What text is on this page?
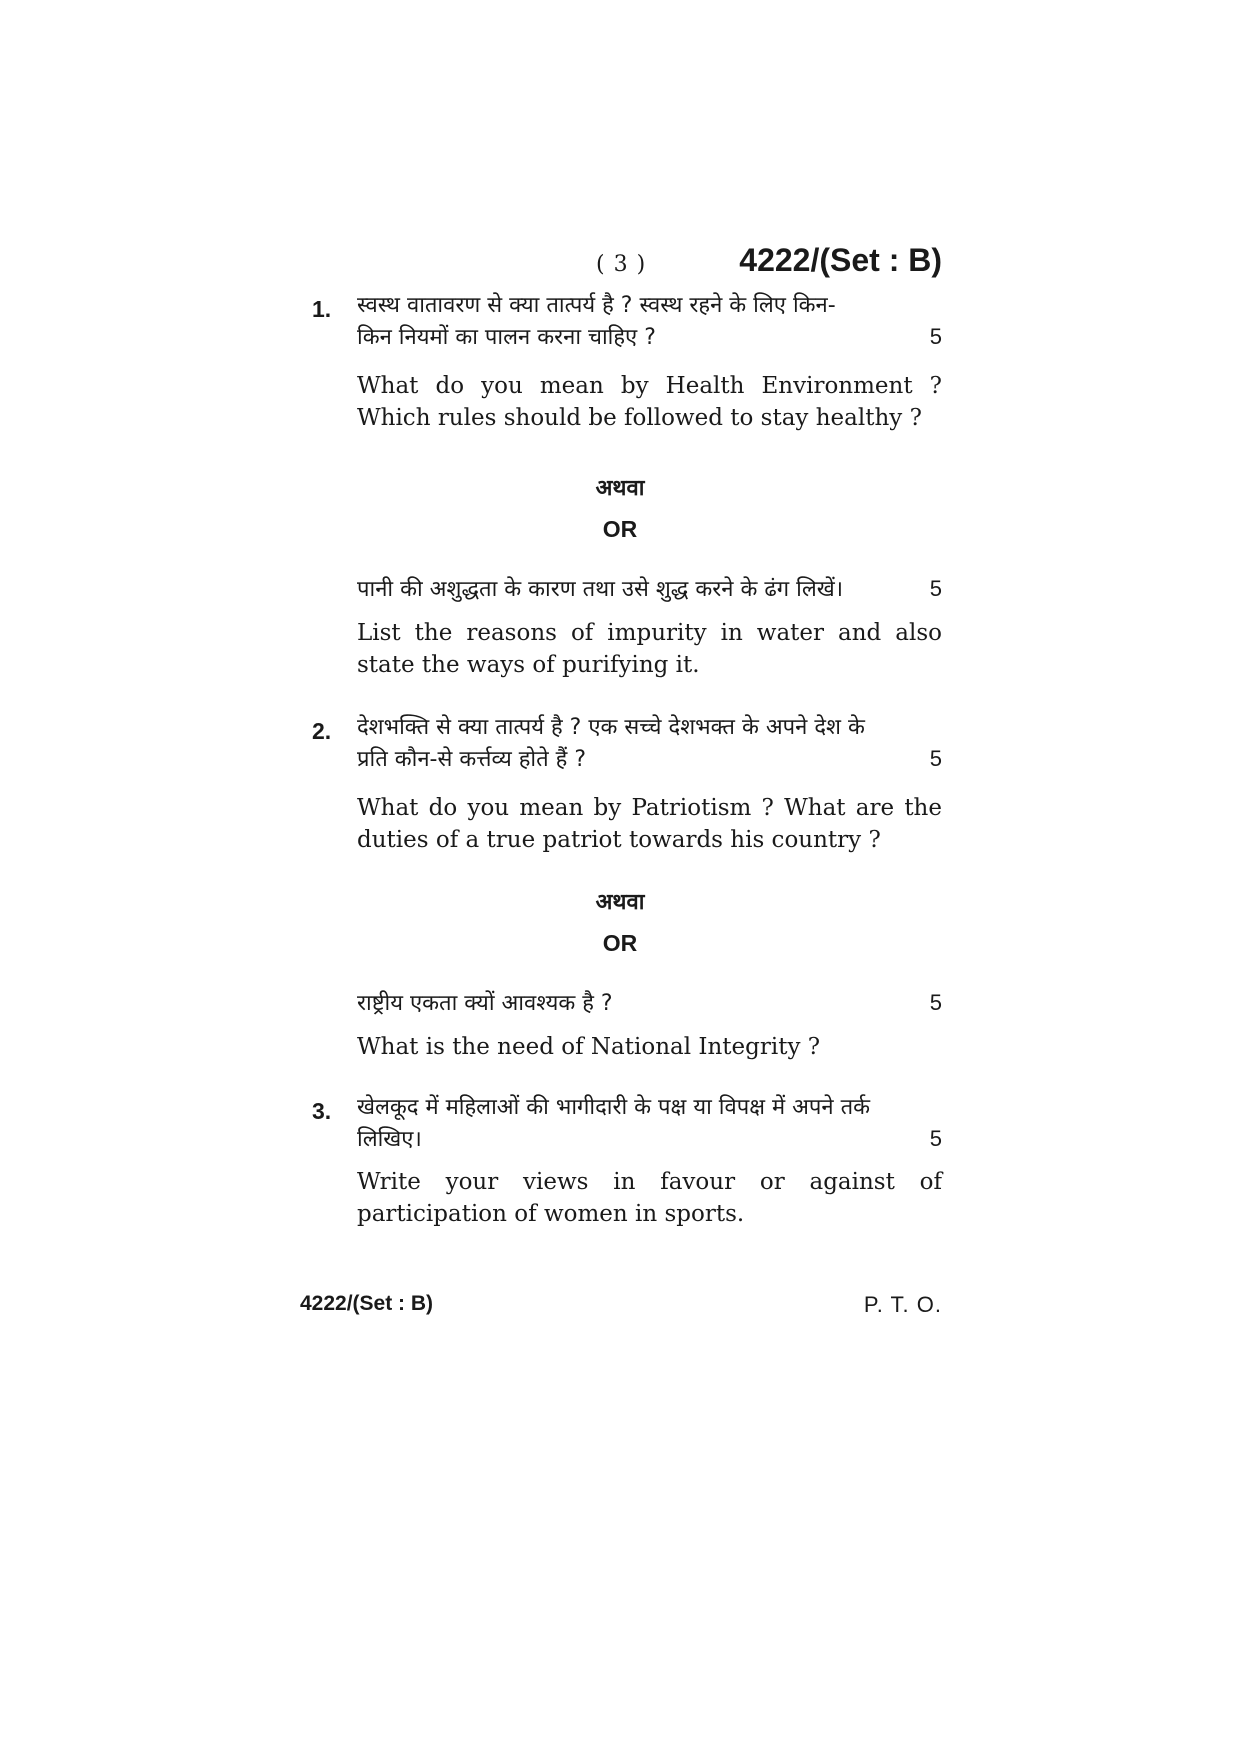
( 3 )	4222/(Set : B)
1. स्वस्थ वातावरण से क्या तात्पर्य है ? स्वस्थ रहने के लिए किन-
किन नियमों का पालन करना चाहिए ?	5
What do you mean by Health Environment ?
Which rules should be followed to stay healthy ?
अथवा
OR
पानी की अशुद्धता के कारण तथा उसे शुद्ध करने के ढंग लिखें।	5
List the reasons of impurity in water and also
state the ways of purifying it.
2. देशभक्ति से क्या तात्पर्य है ? एक सच्चे देशभक्त के अपने देश के
प्रति कौन-से कर्त्तव्य होते हैं ?	5
What do you mean by Patriotism ? What are the
duties of a true patriot towards his country ?
अथवा
OR
राष्ट्रीय एकता क्यों आवश्यक है ?	5
What is the need of National Integrity ?
3. खेलकूद में महिलाओं की भागीदारी के पक्ष या विपक्ष में अपने तर्क
लिखिए।	5
Write your views in favour or against of
participation of women in sports.
4222/(Set : B)	P. T. O.
